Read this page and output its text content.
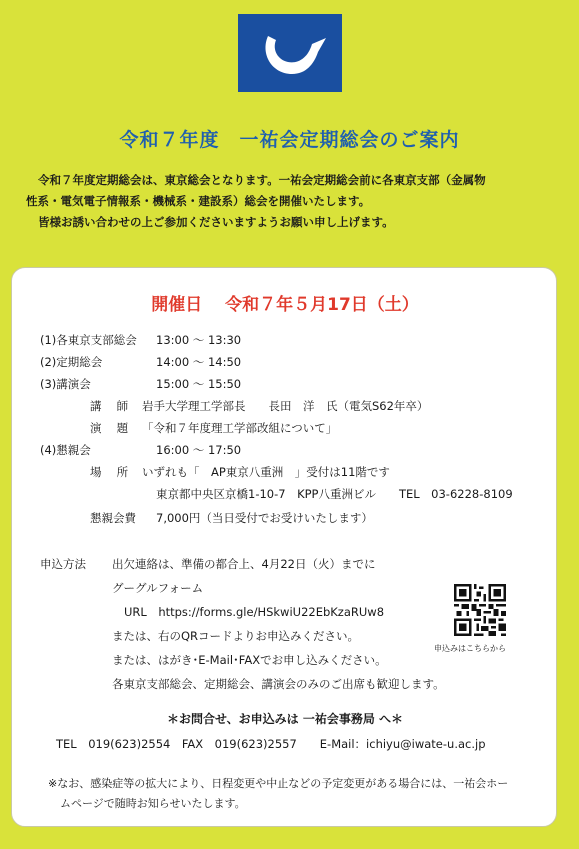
令和７年度　一祐会定期総会のご案内

令和７年度定期総会は、東京総会となります。一祐会定期総会前に各東京支部（金属物

性系・電気電子情報系・機械系・建設系）総会を開催いたします。

皆様お誘い合わせの上ご参加くださいますようお願い申し上げます。

開催日　 令和７年５月17日（土）
(1)各東京支部総会 13:00 ～ 13:30
(2)定期総会	14:00 ～ 14:50
(3)講演会	15:00 ～ 15:50
講　 師 岩手大学理工学部長　　長田　洋　氏（電気S62年卒）
演　 題 「令和７年度理工学部改組について」
(4)懇親会	16:00 ～ 17:50
場　 所 いずれも「　AP東京八重洲　」受付は11階です
東京都中央区京橋1-10-7　KPP八重洲ビル　　TEL　03-6228-8109
懇親会費 7,000円（当日受付でお受けいたします）
申込方法 出欠連絡は、準備の都合上、4月22日（火）までに
グーグルフォーム
URL　https://forms.gle/HSkwiU22EbKzaRUw8
または、右のQRコードよりお申込みください。
または、はがき･E-Mail･FAXでお申し込みください。
各東京支部総会、定期総会、講演会のみのご出席も歓迎します。
申込みはこちらから
＊お問合せ、お申込みは 一祐会事務局 へ＊
TEL　019(623)2554　FAX　019(623)2557　　E-Mail：ichiyu@iwate-u.ac.jp

※なお、感染症等の拡大により、日程変更や中止などの予定変更がある場合には、一祐会ホー

ムページで随時お知らせいたします。
